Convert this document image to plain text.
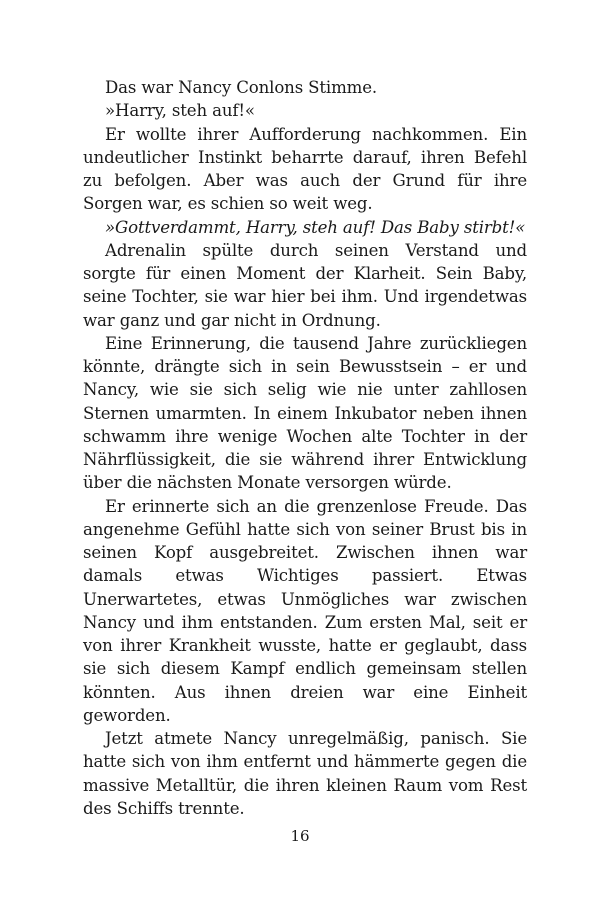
Das war Nancy Conlons Stimme.

»Harry, steh auf!«

Er wollte ihrer Aufforderung nachkommen. Ein undeutlicher Instinkt beharrte darauf, ihren Befehl zu befolgen. Aber was auch der Grund für ihre Sorgen war, es schien so weit weg.

»Gottverdammt, Harry, steh auf! Das Baby stirbt!«

Adrenalin spülte durch seinen Verstand und sorgte für einen Moment der Klarheit. Sein Baby, seine Tochter, sie war hier bei ihm. Und irgendetwas war ganz und gar nicht in Ordnung.

Eine Erinnerung, die tausend Jahre zurückliegen könnte, drängte sich in sein Bewusstsein – er und Nancy, wie sie sich selig wie nie unter zahllosen Sternen umarmten. In einem Inkubator neben ihnen schwamm ihre wenige Wochen alte Tochter in der Nährflüssigkeit, die sie während ihrer Entwicklung über die nächsten Monate versorgen würde.

Er erinnerte sich an die grenzenlose Freude. Das angenehme Gefühl hatte sich von seiner Brust bis in seinen Kopf ausgebreitet. Zwischen ihnen war damals etwas Wichtiges passiert. Etwas Unerwartetes, etwas Unmögliches war zwischen Nancy und ihm entstanden. Zum ersten Mal, seit er von ihrer Krankheit wusste, hatte er geglaubt, dass sie sich diesem Kampf endlich gemeinsam stellen könnten. Aus ihnen dreien war eine Einheit geworden.

Jetzt atmete Nancy unregelmäßig, panisch. Sie hatte sich von ihm entfernt und hämmerte gegen die massive Metalltür, die ihren kleinen Raum vom Rest des Schiffs trennte.

16
